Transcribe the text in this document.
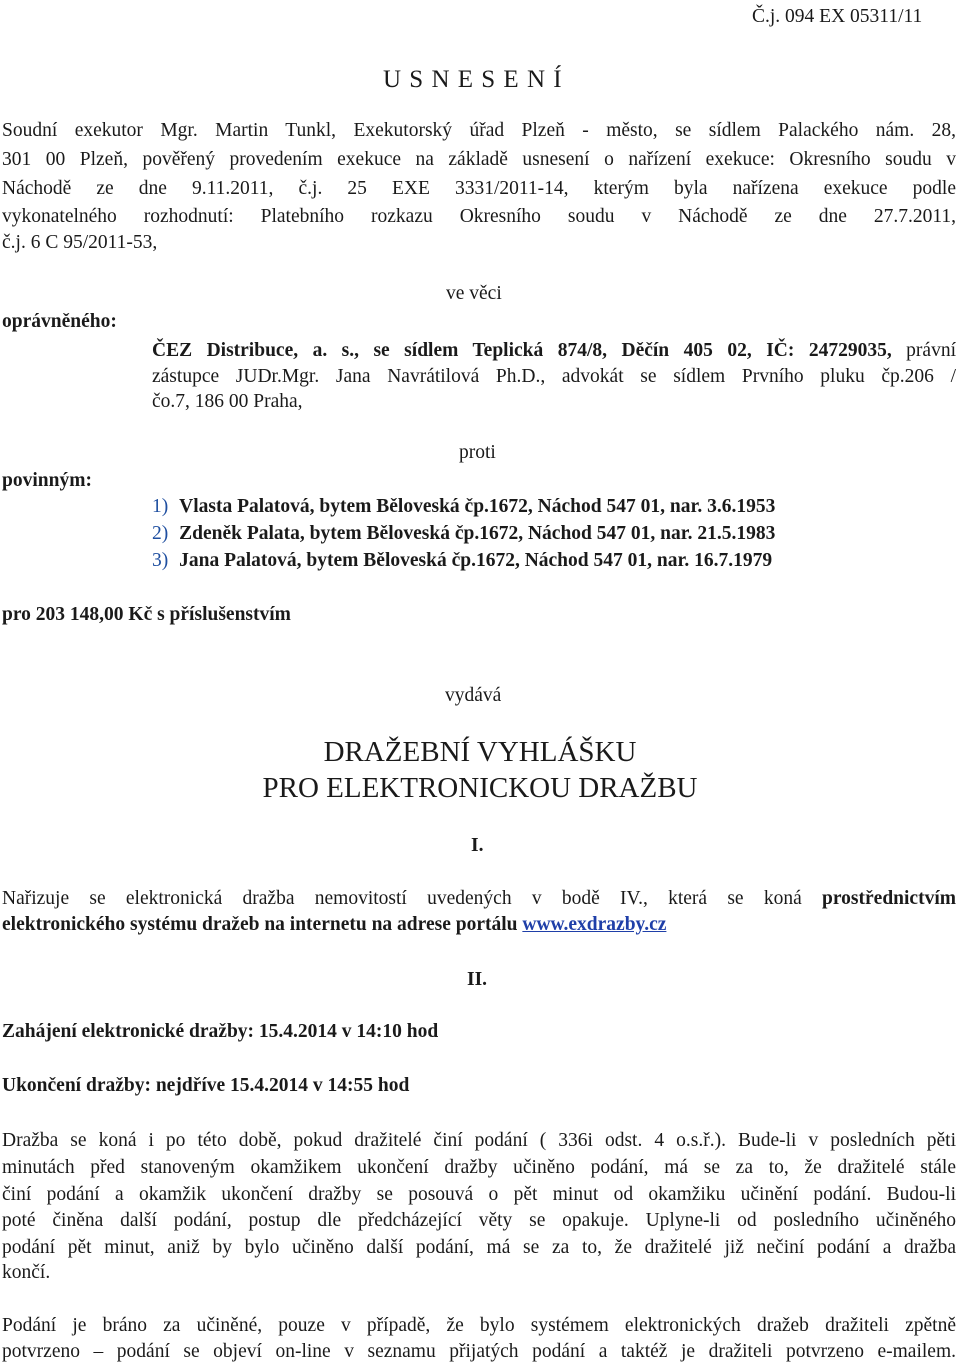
Č.j. 094 EX 05311/11
U S N E S E N Í
Soudní exekutor Mgr. Martin Tunkl, Exekutorský úřad Plzeň - město, se sídlem Palackého nám. 28,
301 00 Plzeň, pověřený provedením exekuce na základě usnesení o nařízení exekuce: Okresního soudu v
Náchodě ze dne 9.11.2011, č.j. 25 EXE 3331/2011-14, kterým byla nařízena exekuce podle
vykonatelného rozhodnutí: Platebního rozkazu Okresního soudu v Náchodě ze dne 27.7.2011,
č.j. 6 C 95/2011-53,
ve věci
oprávněného:
ČEZ Distribuce, a. s., se sídlem Teplická 874/8, Děčín 405 02, IČ: 24729035, právní
zástupce JUDr.Mgr. Jana Navrátilová Ph.D., advokát se sídlem Prvního pluku čp.206 /
čo.7, 186 00 Praha,
proti
povinným:
1) Vlasta Palatová, bytem Běloveská čp.1672, Náchod 547 01, nar. 3.6.1953
2) Zdeněk Palata, bytem Běloveská čp.1672, Náchod 547 01, nar. 21.5.1983
3) Jana Palatová, bytem Běloveská čp.1672, Náchod 547 01, nar. 16.7.1979
pro 203 148,00 Kč s příslušenstvím
vydává
DRAŽEBNÍ VYHLÁŠKU
PRO ELEKTRONICKOU DRAŽBU
I.
Nařizuje se elektronická dražba nemovitostí uvedených v bodě IV., která se koná prostřednictvím
elektronického systému dražeb na internetu na adrese portálu www.exdrazby.cz
II.
Zahájení elektronické dražby: 15.4.2014 v 14:10 hod
Ukončení dražby: nejdříve 15.4.2014 v 14:55 hod
Dražba se koná i po této době, pokud dražitelé činí podání ( 336i odst. 4 o.s.ř.). Bude-li v posledních pěti
minutách před stanoveným okamžikem ukončení dražby učiněno podání, má se za to, že dražitelé stále
činí podání a okamžik ukončení dražby se posouvá o pět minut od okamžiku učinění podání. Budou-li
poté činěna další podání, postup dle předcházející věty se opakuje. Uplyne-li od posledního učiněného
podání pět minut, aniž by bylo učiněno další podání, má se za to, že dražitelé již nečiní podání a dražba
končí.
Podání je bráno za učiněné, pouze v případě, že bylo systémem elektronických dražeb dražiteli zpětně
potvrzeno – podání se objeví on-line v seznamu přijatých podání a taktéž je dražiteli potvrzeno e-mailem.
